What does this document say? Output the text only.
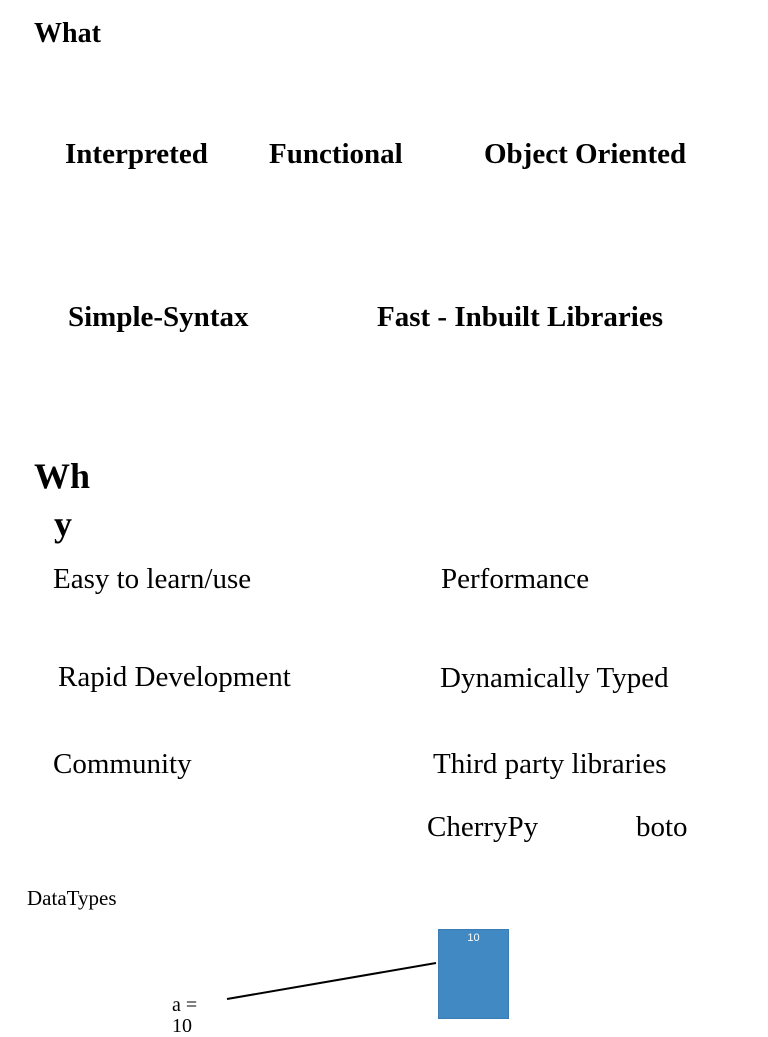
What
Interpreted Functional	Object Oriented
Simple-Syntax	Fast - Inbuilt Libraries
Wh
y
Easy to learn/use	Performance
Rapid Development	Dynamically Typed
Community	Third party libraries
CherryPy	boto
DataTypes
a =
10
10
